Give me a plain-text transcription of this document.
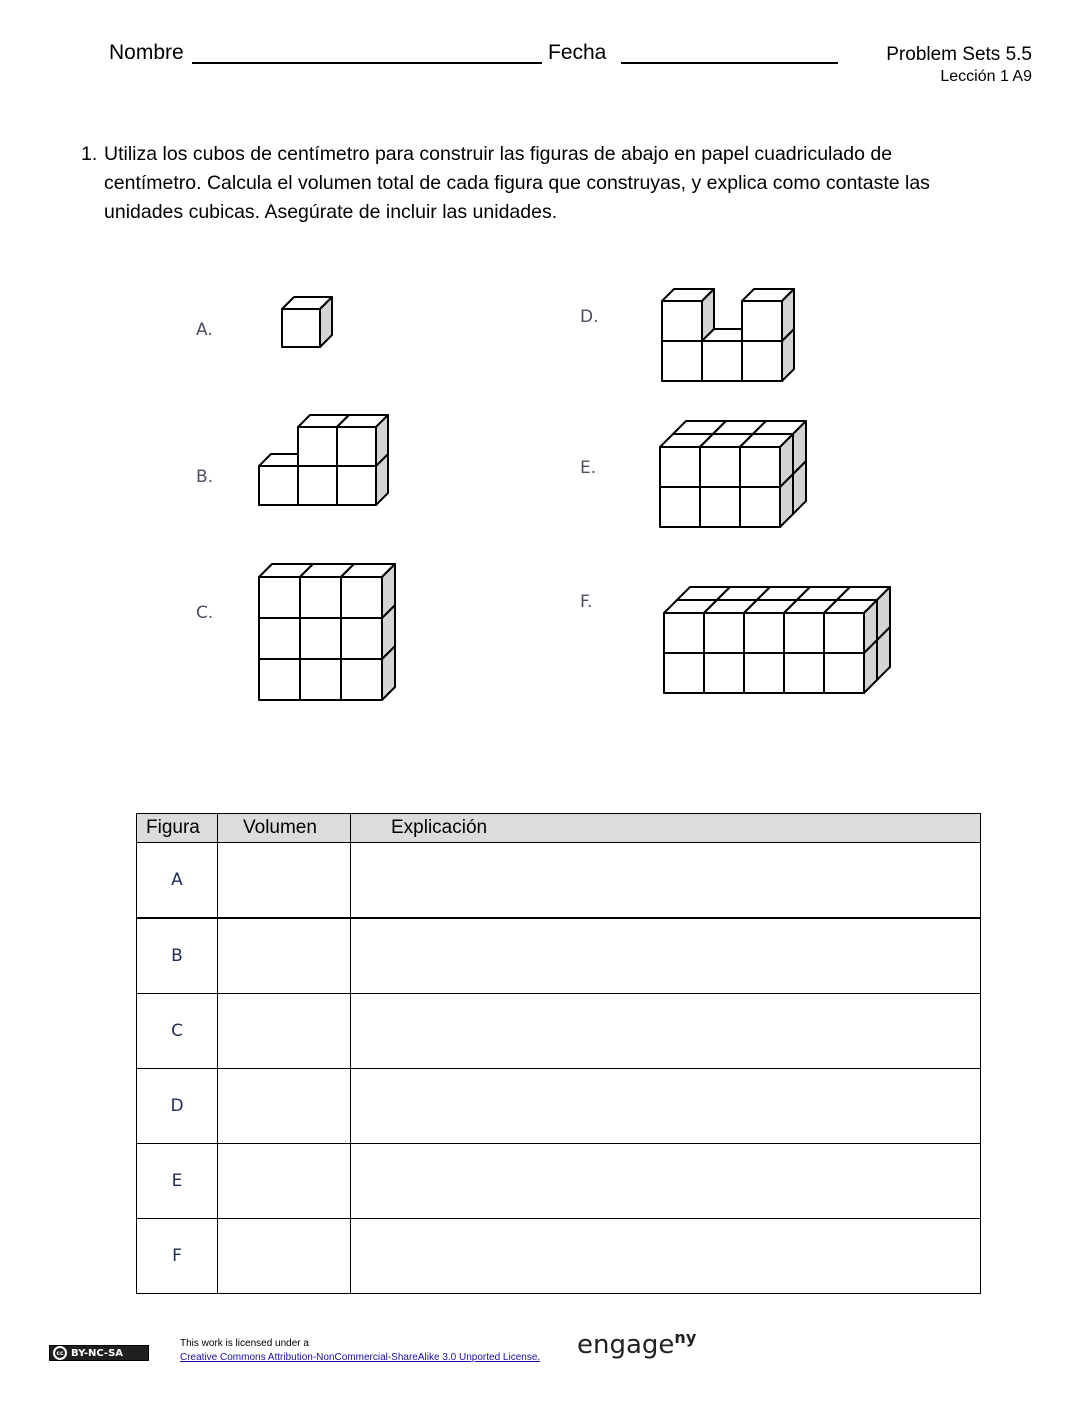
Nombre	Fecha	Problem Sets 5.5
Lección 1 A9
1. Utiliza los cubos de centímetro para construir las figuras de abajo en papel cuadriculado de
centímetro. Calcula el volumen total de cada figura que construyas, y explica como contaste las
unidades cubicas. Asegúrate de incluir las unidades.
A.
B.
C.
D.
E.
F.
Figura	Volumen	Explicación
A		
B		
C		
D		
E		
F		
cc BY-NC-SA
This work is licensed under a
Creative Commons Attribution-NonCommercial-ShareAlike 3.0 Unported License. engage$^{ny}$
